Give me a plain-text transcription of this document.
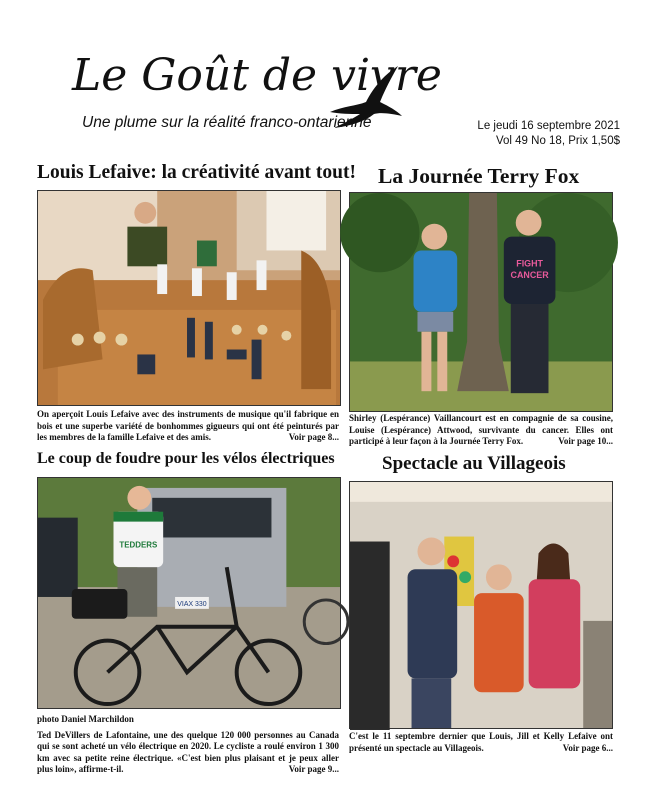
Le Goût de vivre
Une plume sur la réalité franco-ontarienne	Le jeudi 16 septembre 2021
Vol 49 No 18, Prix 1,50$
Louis Lefaive: la créativité avant tout!
On aperçoit Louis Lefaive avec des instruments de musique qu'il fabrique en bois et une superbe variété de bonhommes gigueurs qui ont été peinturés par les membres de la famille Lefaive et des amis.	Voir page 8...
La Journée Terry Fox
FIGHT
CANCER
Shirley (Lespérance) Vaillancourt est en compagnie de sa cousine, Louise (Lespérance) Attwood, survivante du cancer. Elles ont participé à leur façon à la Journée Terry Fox.	Voir page 10...
Le coup de foudre pour les vélos électriques
VIAX 330
TEDDERS
photo Daniel Marchildon
Ted DeVillers de Lafontaine, une des quelque 120 000 personnes au Canada qui se sont acheté un vélo électrique en 2020. Le cycliste a roulé environ 1 300 km avec sa petite reine électrique. «C'est bien plus plaisant et je peux aller plus loin», affirme-t-il.	Voir page 9...
Spectacle au Villageois
C'est le 11 septembre dernier que Louis, Jill et Kelly Lefaive ont présenté un spectacle au Villageois.	Voir page 6...
